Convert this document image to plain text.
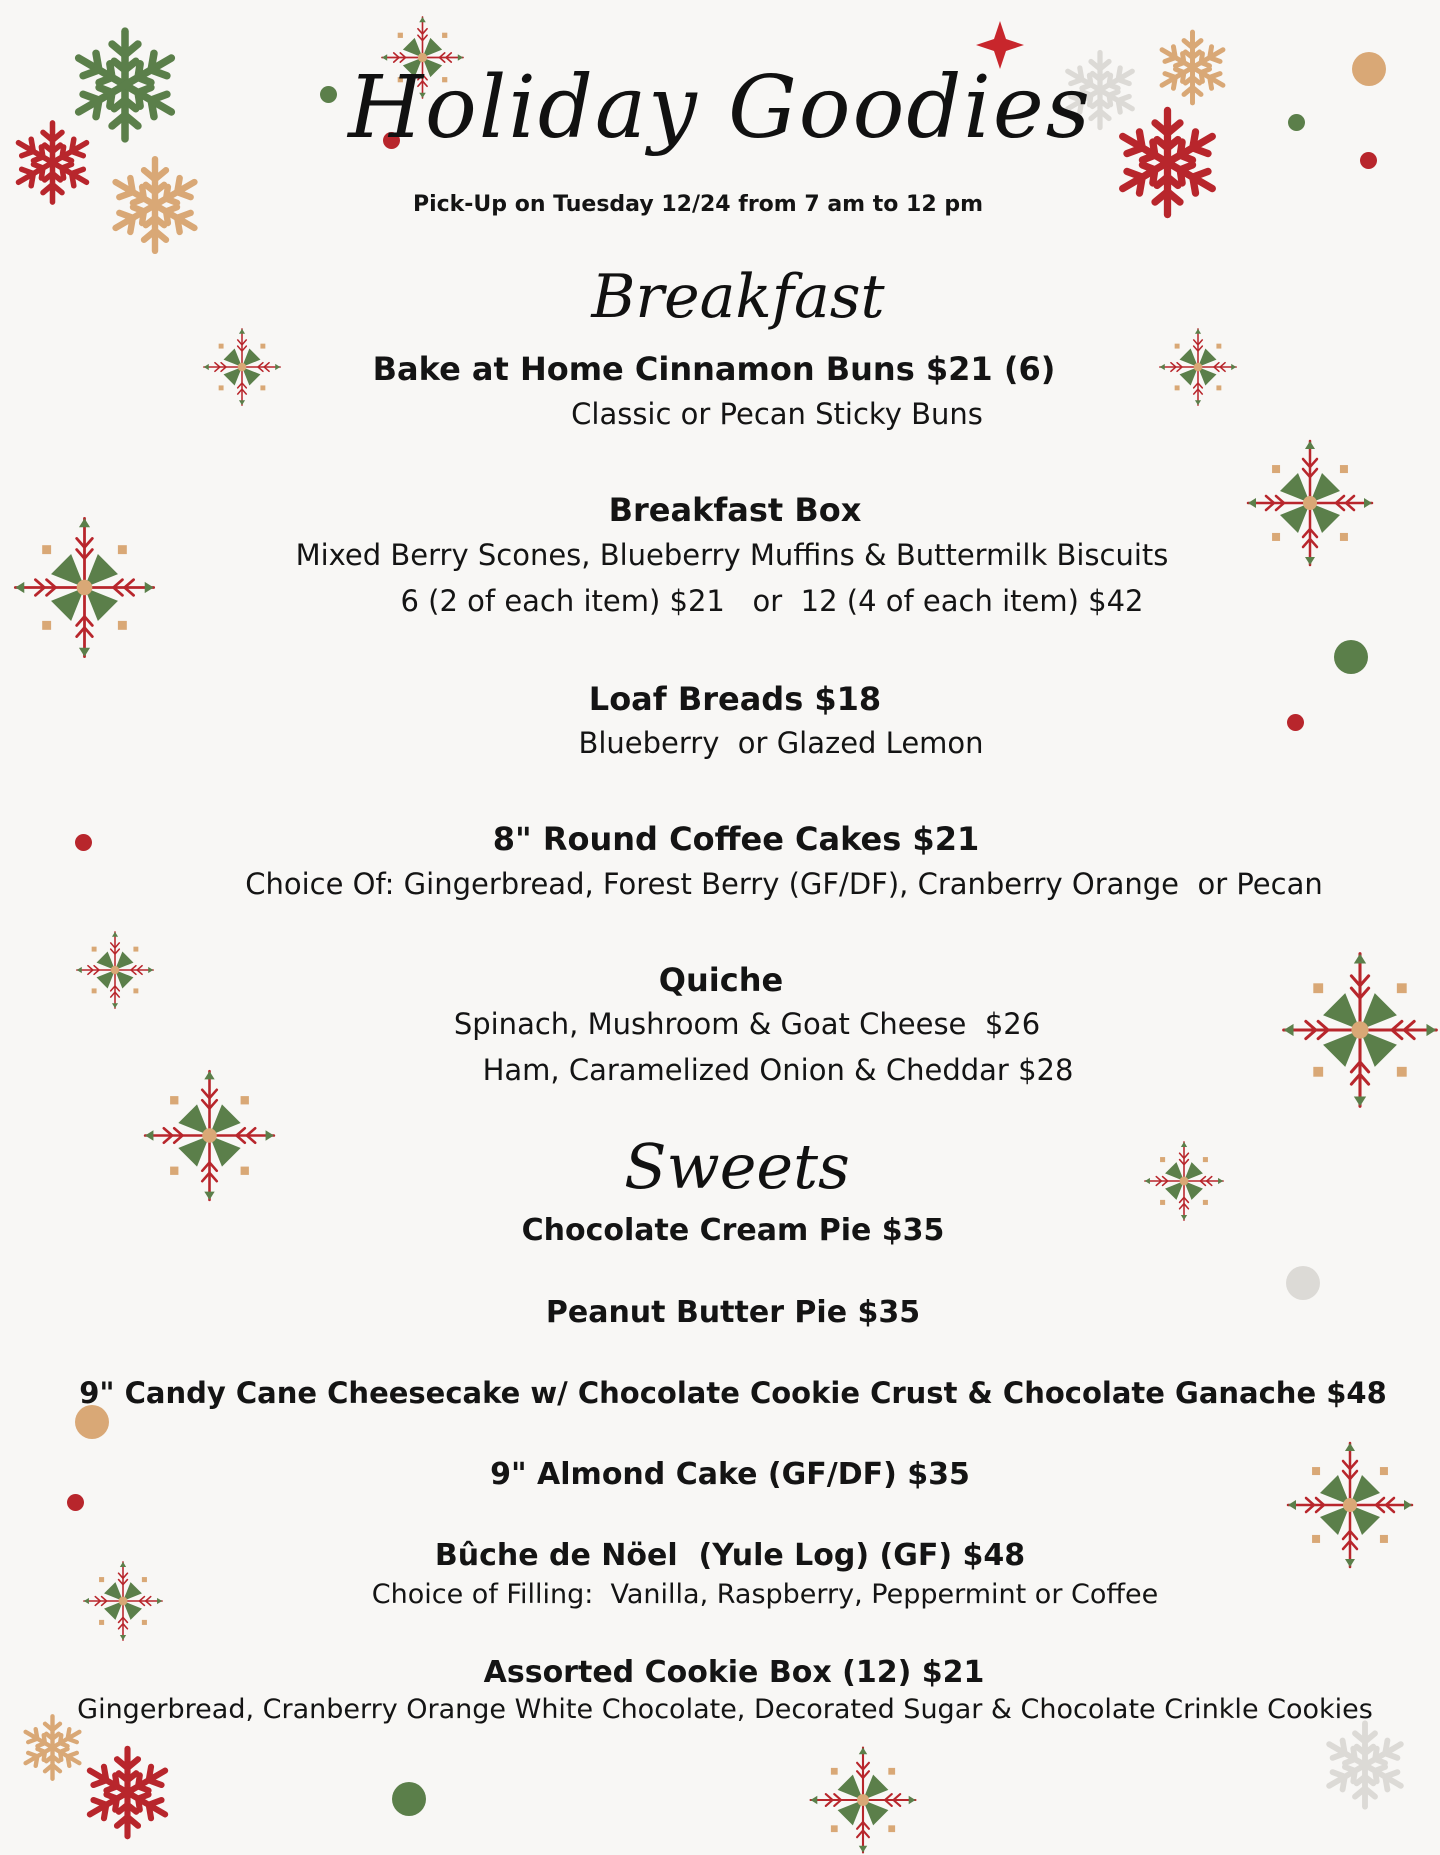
Holiday Goodies
Pick-Up on Tuesday 12/24 from 7 am to 12 pm
Breakfast
Bake at Home Cinnamon Buns $21 (6)
Classic or Pecan Sticky Buns
Breakfast Box
Mixed Berry Scones, Blueberry Muffins & Buttermilk Biscuits
6 (2 of each item) $21   or  12 (4 of each item) $42
Loaf Breads $18
Blueberry  or Glazed Lemon
8" Round Coffee Cakes $21
Choice Of: Gingerbread, Forest Berry (GF/DF), Cranberry Orange  or Pecan
Quiche
Spinach, Mushroom & Goat Cheese  $26
Ham, Caramelized Onion & Cheddar $28
Sweets
Chocolate Cream Pie $35
Peanut Butter Pie $35
9" Candy Cane Cheesecake w/ Chocolate Cookie Crust & Chocolate Ganache $48
9" Almond Cake (GF/DF) $35
Bûche de Nöel  (Yule Log) (GF) $48
Choice of Filling:  Vanilla, Raspberry, Peppermint or Coffee
Assorted Cookie Box (12) $21
Gingerbread, Cranberry Orange White Chocolate, Decorated Sugar & Chocolate Crinkle Cookies
